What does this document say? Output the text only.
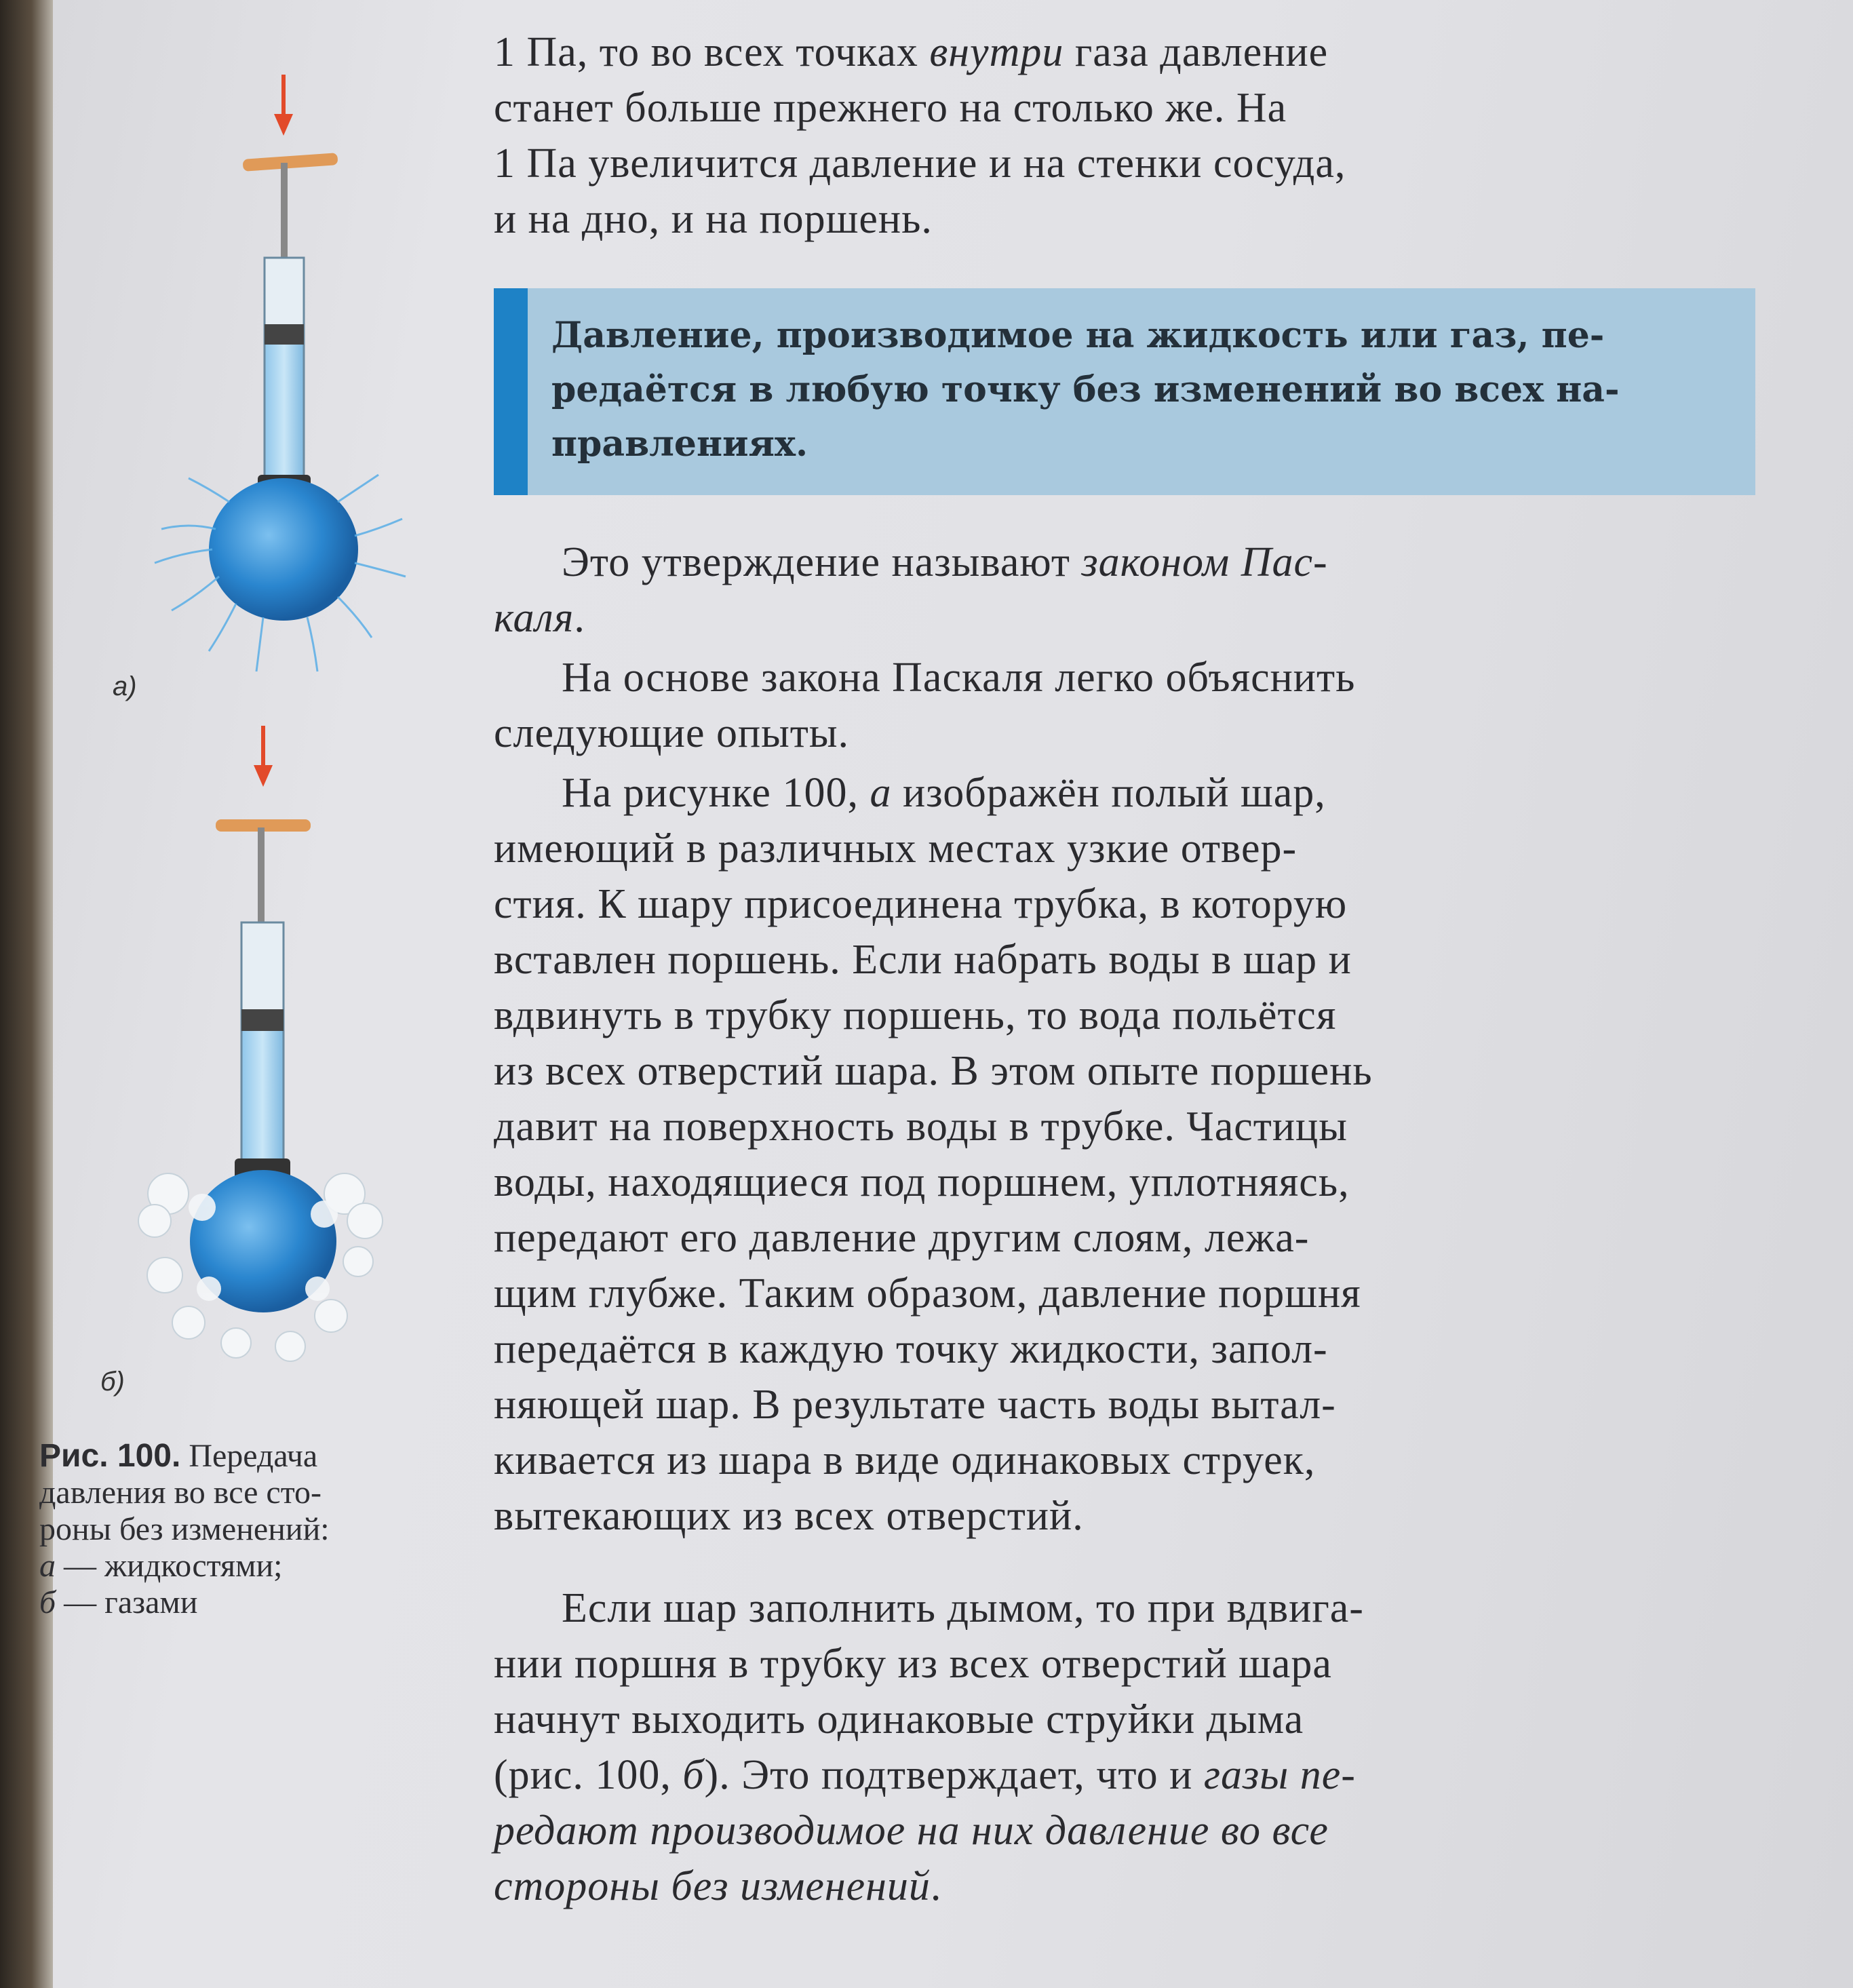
а)
б)

Рис. 100. Передача
давления во все сто-
роны без изменений:
а — жидкостями;
б — газами

1 Па, то во всех точках внутри газа давление
станет больше прежнего на столько же. На
1 Па увеличится давление и на стенки сосуда,
и на дно, и на поршень.

Давление, производимое на жидкость или газ, пе-
редаётся в любую точку без изменений во всех на-
правлениях.

Это утверждение называют законом Пас-
каля.

На основе закона Паскаля легко объяснить
следующие опыты.

На рисунке 100, а изображён полый шар,
имеющий в различных местах узкие отвер-
стия. К шару присоединена трубка, в которую
вставлен поршень. Если набрать воды в шар и
вдвинуть в трубку поршень, то вода польётся
из всех отверстий шара. В этом опыте поршень
давит на поверхность воды в трубке. Частицы
воды, находящиеся под поршнем, уплотняясь,
передают его давление другим слоям, лежа-
щим глубже. Таким образом, давление поршня
передаётся в каждую точку жидкости, запол-
няющей шар. В результате часть воды вытал-
кивается из шара в виде одинаковых струек,
вытекающих из всех отверстий.

Если шар заполнить дымом, то при вдвига-
нии поршня в трубку из всех отверстий шара
начнут выходить одинаковые струйки дыма
(рис. 100, б). Это подтверждает, что и газы пе-
редают производимое на них давление во все
стороны без изменений.
